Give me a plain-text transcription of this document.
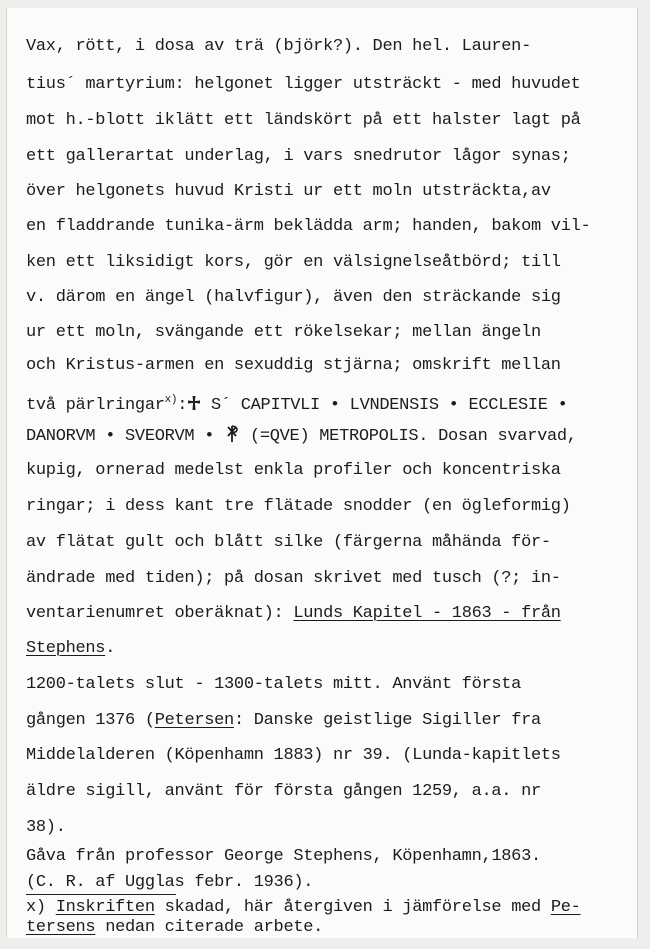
Vax, rött, i dosa av trä (björk?). Den hel. Lauren-
tius´ martyrium: helgonet ligger utsträckt - med huvudet
mot h.-blott iklätt ett ländskört på ett halster lagt på
ett gallerartat underlag, i vars snedrutor lågor synas;
över helgonets huvud Kristi ur ett moln utsträckta,av
en fladdrande tunika-ärm beklädda arm; handen, bakom vil-
ken ett liksidigt kors, gör en välsignelseåtbörd; till
v. därom en ängel (halvfigur), även den sträckande sig
ur ett moln, svängande ett rökelsekar; mellan ängeln
och Kristus-armen en sexuddig stjärna; omskrift mellan
två pärlringar$^{x)}$: S´ CAPITVLI • LVNDENSIS • ECCLESIE •
DANORVM • SVEORVM •  (=QVE) METROPOLIS. Dosan svarvad,
kupig, ornerad medelst enkla profiler och koncentriska
ringar; i dess kant tre flätade snodder (en ögleformig)
av flätat gult och blått silke (färgerna måhända för-
ändrade med tiden); på dosan skrivet med tusch (?; in-
ventarienumret oberäknat): Lunds Kapitel - 1863 - från
Stephens.
1200-talets slut - 1300-talets mitt. Använt första
gången 1376 (Petersen: Danske geistlige Sigiller fra
Middelalderen (Köpenhamn 1883) nr 39. (Lunda-kapitlets
äldre sigill, använt för första gången 1259, a.a. nr
38).
Gåva från professor George Stephens, Köpenhamn,1863.
(C. R. af Ugglas febr. 1936).
x) Inskriften skadad, här återgiven i jämförelse med Pe-
tersens nedan citerade arbete.
